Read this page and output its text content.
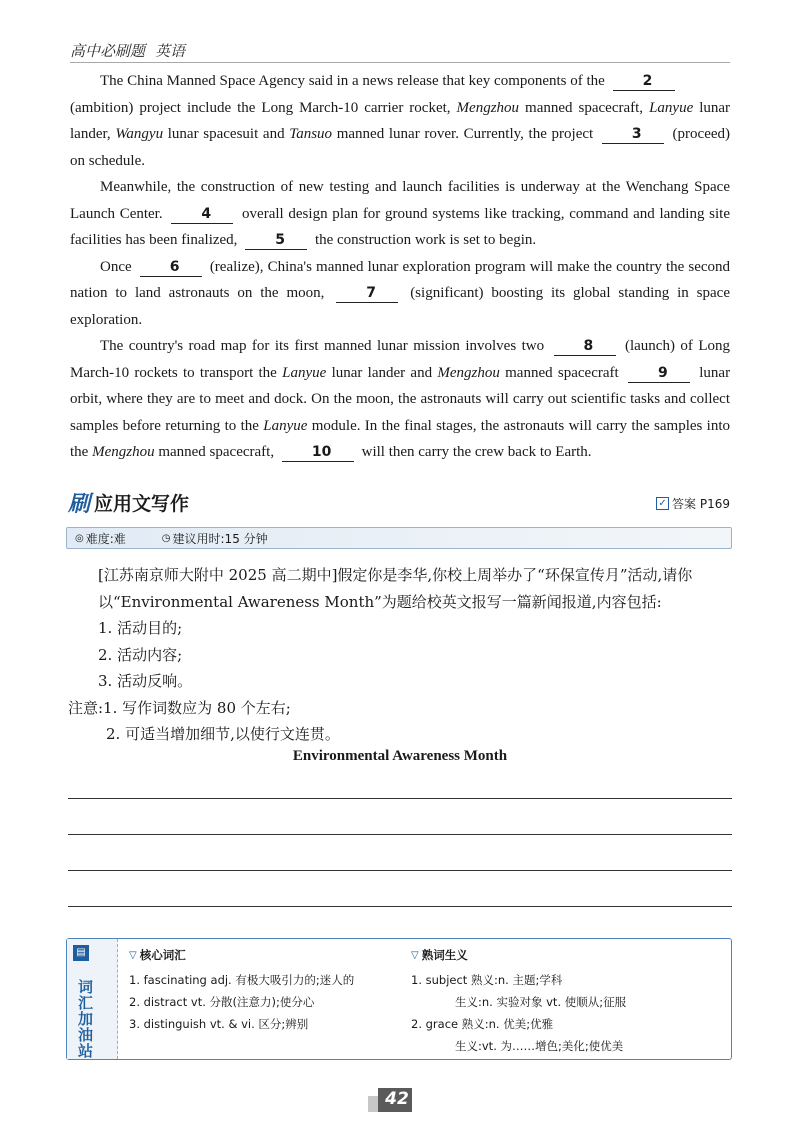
高中必刷题 英语

The China Manned Space Agency said in a news release that key components of the	2
(ambition) project include the Long March-10 carrier rocket, Mengzhou manned spacecraft, Lanyue lunar lander, Wangyu lunar spacesuit and Tansuo manned lunar rover. Currently, the project	3 (proceed) on schedule.

Meanwhile, the construction of new testing and launch facilities is underway at the Wenchang Space Launch Center.	4 overall design plan for ground systems like tracking, command and landing site facilities has been finalized,	5 the construction work is set to begin.

Once	6 (realize), China's manned lunar exploration program will make the country the second nation to land astronauts on the moon,	7 (significant) boosting its global standing in space exploration.

The country's road map for its first manned lunar mission involves two	8 (launch) of Long March-10 rockets to transport the Lanyue lunar lander and Mengzhou manned spacecraft	9 lunar orbit, where they are to meet and dock. On the moon, the astronauts will carry out scientific tasks and collect samples before returning to the Lanyue module. In the final stages, the astronauts will carry the samples into the Mengzhou manned spacecraft,	10 will then carry the crew back to Earth.

刷 应用文写作	✓ 答案 P169
◎ 难度:难	◷ 建议用时:15 分钟

[江苏南京师大附中 2025 高二期中]假定你是李华,你校上周举办了“环保宣传月”活动,请你以“Environmental Awareness Month”为题给校英文报写一篇新闻报道,内容包括:

1. 活动目的;

2. 活动内容;

3. 活动反响。

注意:1. 写作词数应为 80 个左右;

2. 可适当增加细节,以使行文连贯。

Environmental Awareness Month
▤
词汇加油站
▽ 核心词汇
1. fascinating adj. 有极大吸引力的;迷人的
2. distract vt. 分散(注意力);使分心
3. distinguish vt. & vi. 区分;辨别
▽ 熟词生义
1. subject 熟义:n. 主题;学科
生义:n. 实验对象 vt. 使顺从;征服
2. grace 熟义:n. 优美;优雅
生义:vt. 为……增色;美化;使优美
42
